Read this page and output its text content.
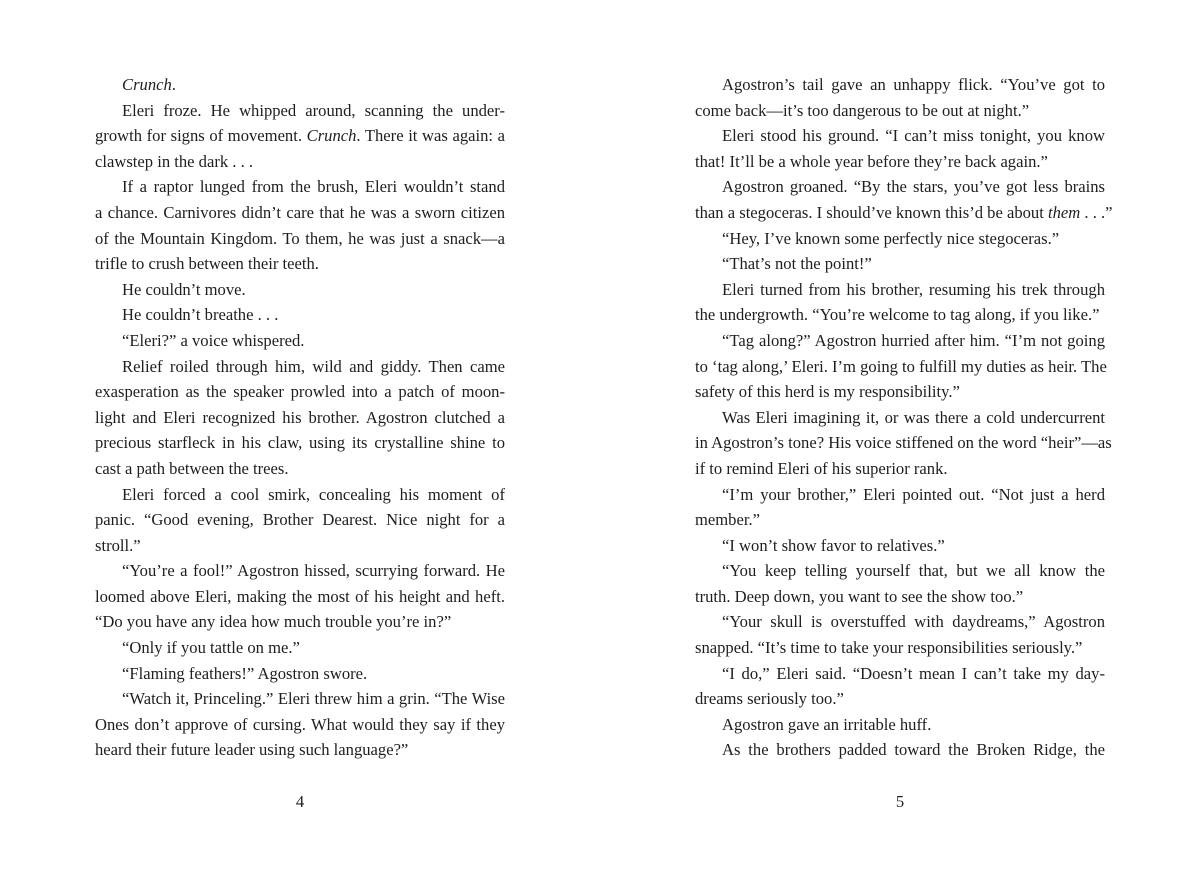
Crunch.
Eleri froze. He whipped around, scanning the under-
growth for signs of movement. Crunch. There it was again: a
clawstep in the dark . . .
If a raptor lunged from the brush, Eleri wouldn’t stand
a chance. Carnivores didn’t care that he was a sworn citizen
of the Mountain Kingdom. To them, he was just a snack—a
trifle to crush between their teeth.
He couldn’t move.
He couldn’t breathe . . .
“Eleri?” a voice whispered.
Relief roiled through him, wild and giddy. Then came
exasperation as the speaker prowled into a patch of moon-
light and Eleri recognized his brother. Agostron clutched a
precious starfleck in his claw, using its crystalline shine to
cast a path between the trees.
Eleri forced a cool smirk, concealing his moment of
panic. “Good evening, Brother Dearest. Nice night for a
stroll.”
“You’re a fool!” Agostron hissed, scurrying forward. He
loomed above Eleri, making the most of his height and heft.
“Do you have any idea how much trouble you’re in?”
“Only if you tattle on me.”
“Flaming feathers!” Agostron swore.
“Watch it, Princeling.” Eleri threw him a grin. “The Wise
Ones don’t approve of cursing. What would they say if they
heard their future leader using such language?”
Agostron’s tail gave an unhappy flick. “You’ve got to
come back—it’s too dangerous to be out at night.”
Eleri stood his ground. “I can’t miss tonight, you know
that! It’ll be a whole year before they’re back again.”
Agostron groaned. “By the stars, you’ve got less brains
than a stegoceras. I should’ve known this’d be about them . . .”
“Hey, I’ve known some perfectly nice stegoceras.”
“That’s not the point!”
Eleri turned from his brother, resuming his trek through
the undergrowth. “You’re welcome to tag along, if you like.”
“Tag along?” Agostron hurried after him. “I’m not going
to ‘tag along,’ Eleri. I’m going to fulfill my duties as heir. The
safety of this herd is my responsibility.”
Was Eleri imagining it, or was there a cold undercurrent
in Agostron’s tone? His voice stiffened on the word “heir”—as
if to remind Eleri of his superior rank.
“I’m your brother,” Eleri pointed out. “Not just a herd
member.”
“I won’t show favor to relatives.”
“You keep telling yourself that, but we all know the
truth. Deep down, you want to see the show too.”
“Your skull is overstuffed with daydreams,” Agostron
snapped. “It’s time to take your responsibilities seriously.”
“I do,” Eleri said. “Doesn’t mean I can’t take my day-
dreams seriously too.”
Agostron gave an irritable huff.
As the brothers padded toward the Broken Ridge, the
4	5
